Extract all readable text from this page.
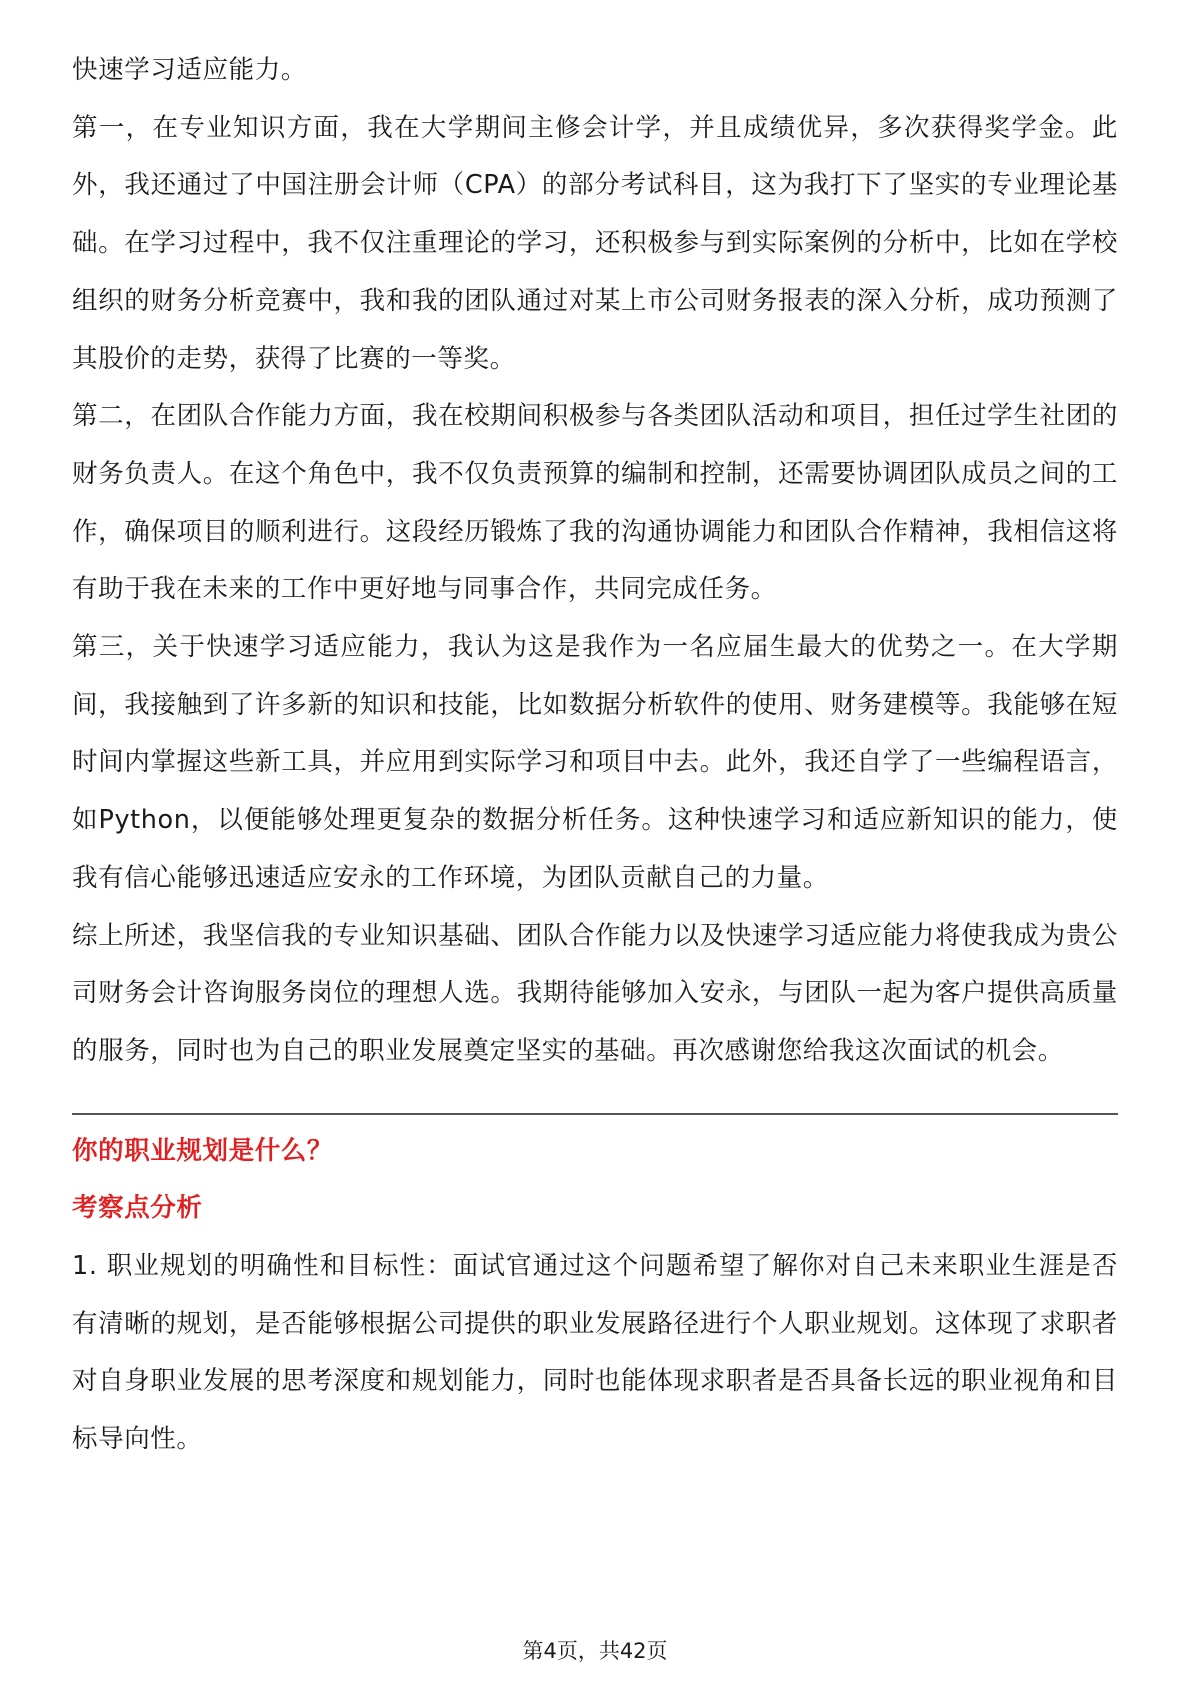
快速学习适应能力。

第一，在专业知识方面，我在大学期间主修会计学，并且成绩优异，多次获得奖学金。此外，我还通过了中国注册会计师（CPA）的部分考试科目，这为我打下了坚实的专业理论基础。在学习过程中，我不仅注重理论的学习，还积极参与到实际案例的分析中，比如在学校组织的财务分析竞赛中，我和我的团队通过对某上市公司财务报表的深入分析，成功预测了其股价的走势，获得了比赛的一等奖。

第二，在团队合作能力方面，我在校期间积极参与各类团队活动和项目，担任过学生社团的财务负责人。在这个角色中，我不仅负责预算的编制和控制，还需要协调团队成员之间的工作，确保项目的顺利进行。这段经历锻炼了我的沟通协调能力和团队合作精神，我相信这将有助于我在未来的工作中更好地与同事合作，共同完成任务。

第三，关于快速学习适应能力，我认为这是我作为一名应届生最大的优势之一。在大学期间，我接触到了许多新的知识和技能，比如数据分析软件的使用、财务建模等。我能够在短时间内掌握这些新工具，并应用到实际学习和项目中去。此外，我还自学了一些编程语言，如Python，以便能够处理更复杂的数据分析任务。这种快速学习和适应新知识的能力，使我有信心能够迅速适应安永的工作环境，为团队贡献自己的力量。

综上所述，我坚信我的专业知识基础、团队合作能力以及快速学习适应能力将使我成为贵公司财务会计咨询服务岗位的理想人选。我期待能够加入安永，与团队一起为客户提供高质量的服务，同时也为自己的职业发展奠定坚实的基础。再次感谢您给我这次面试的机会。

你的职业规划是什么？

考察点分析

1. 职业规划的明确性和目标性：面试官通过这个问题希望了解你对自己未来职业生涯是否有清晰的规划，是否能够根据公司提供的职业发展路径进行个人职业规划。这体现了求职者对自身职业发展的思考深度和规划能力，同时也能体现求职者是否具备长远的职业视角和目标导向性。

第4页，共42页
